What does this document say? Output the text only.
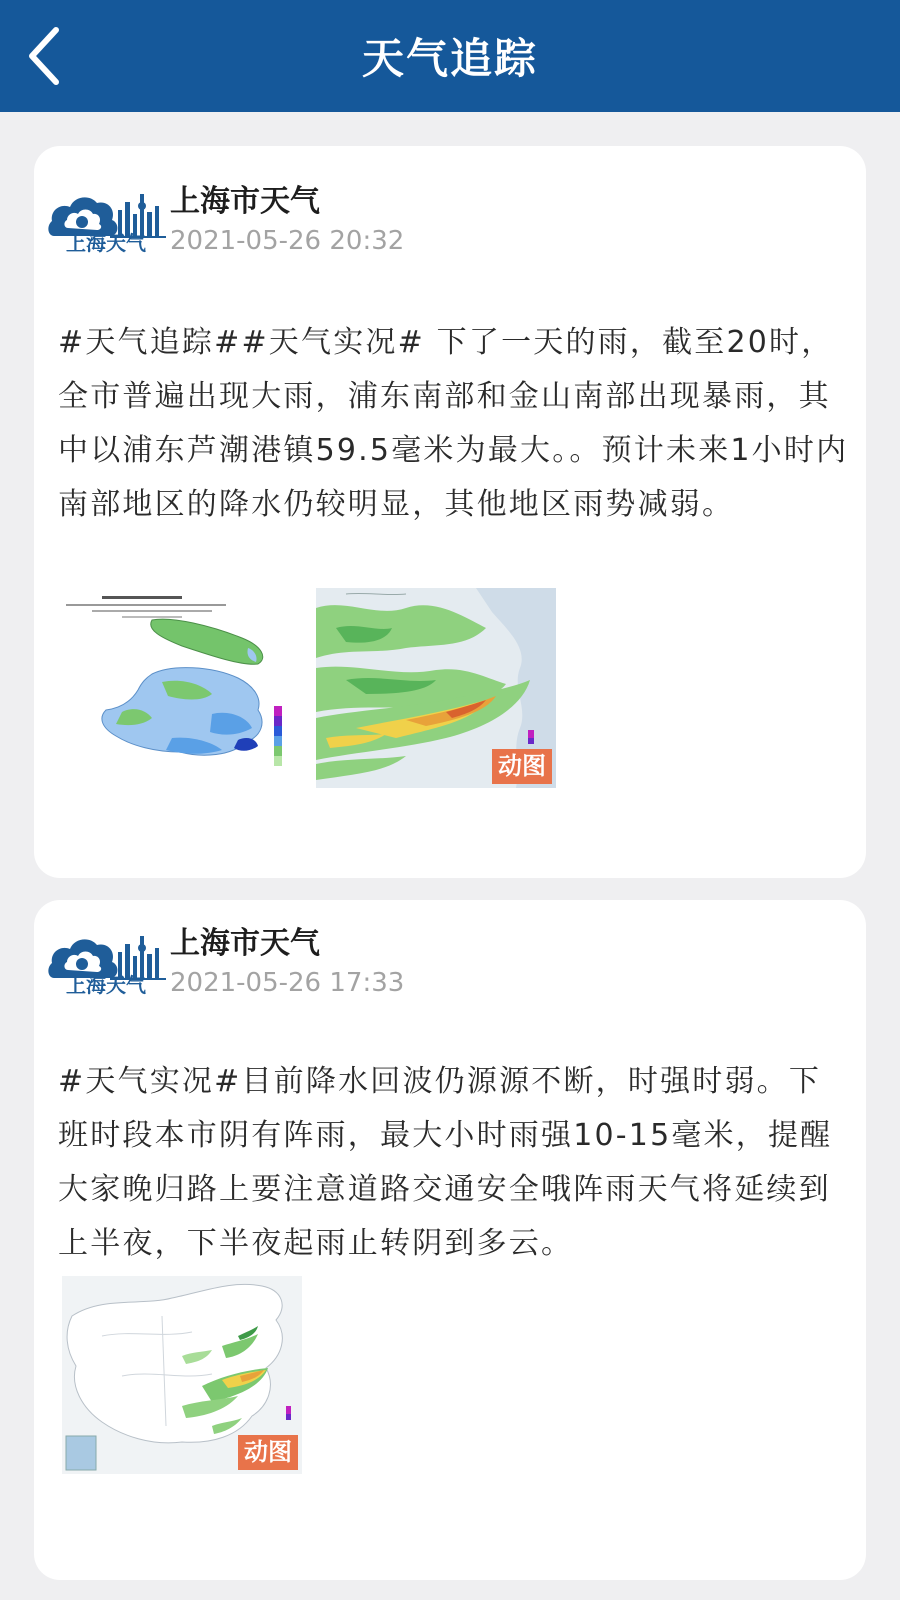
天气追踪
上海天气
上海市天气
2021-05-26 20:32
#天气追踪##天气实况# 下了一天的雨，截至20时，全市普遍出现大雨，浦东南部和金山南部出现暴雨，其中以浦东芦潮港镇59.5毫米为最大。。预计未来1小时内南部地区的降水仍较明显，其他地区雨势减弱。
动图
上海天气
上海市天气
2021-05-26 17:33
#天气实况#目前降水回波仍源源不断，时强时弱。下班时段本市阴有阵雨，最大小时雨强10-15毫米，提醒大家晚归路上要注意道路交通安全哦阵雨天气将延续到上半夜，下半夜起雨止转阴到多云。
动图
